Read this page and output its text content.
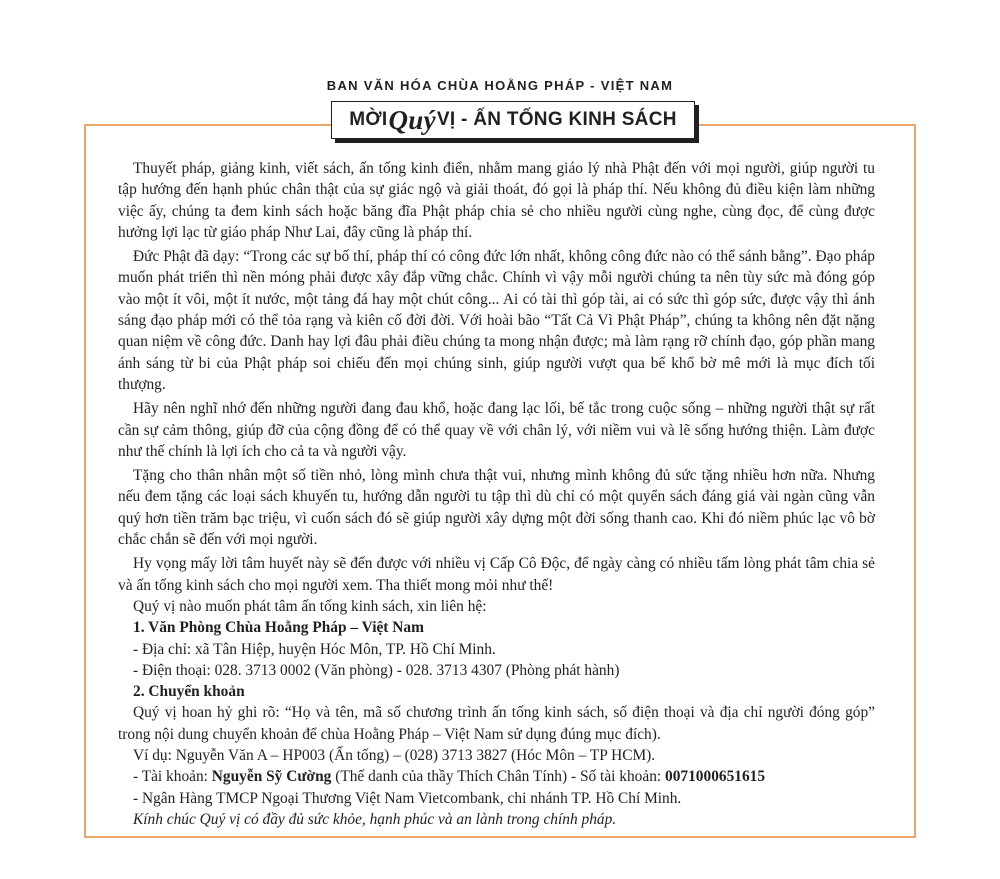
BAN VĂN HÓA CHÙA HOẰNG PHÁP - VIỆT NAM
MỜI Quý VỊ - ẤN TỐNG KINH SÁCH

Thuyết pháp, giảng kinh, viết sách, ấn tống kinh điển, nhằm mang giáo lý nhà Phật đến với mọi người, giúp người tu tập hướng đến hạnh phúc chân thật của sự giác ngộ và giải thoát, đó gọi là pháp thí. Nếu không đủ điều kiện làm những việc ấy, chúng ta đem kinh sách hoặc băng đĩa Phật pháp chia sẻ cho nhiều người cùng nghe, cùng đọc, để cùng được hưởng lợi lạc từ giáo pháp Như Lai, đây cũng là pháp thí.

Đức Phật đã dạy: “Trong các sự bố thí, pháp thí có công đức lớn nhất, không công đức nào có thể sánh bằng”. Đạo pháp muốn phát triển thì nền móng phải được xây đắp vững chắc. Chính vì vậy mỗi người chúng ta nên tùy sức mà đóng góp vào một ít vôi, một ít nước, một tảng đá hay một chút công... Ai có tài thì góp tài, ai có sức thì góp sức, được vậy thì ánh sáng đạo pháp mới có thể tỏa rạng và kiên cố đời đời. Với hoài bão “Tất Cả Vì Phật Pháp”, chúng ta không nên đặt nặng quan niệm về công đức. Danh hay lợi đâu phải điều chúng ta mong nhận được; mà làm rạng rỡ chính đạo, góp phần mang ánh sáng từ bi của Phật pháp soi chiếu đến mọi chúng sinh, giúp người vượt qua bể khổ bờ mê mới là mục đích tối thượng.

Hãy nên nghĩ nhớ đến những người đang đau khổ, hoặc đang lạc lối, bế tắc trong cuộc sống – những người thật sự rất cần sự cảm thông, giúp đỡ của cộng đồng để có thể quay về với chân lý, với niềm vui và lẽ sống hướng thiện. Làm được như thế chính là lợi ích cho cả ta và người vậy.

Tặng cho thân nhân một số tiền nhỏ, lòng mình chưa thật vui, nhưng mình không đủ sức tặng nhiều hơn nữa. Nhưng nếu đem tặng các loại sách khuyến tu, hướng dẫn người tu tập thì dù chỉ có một quyển sách đáng giá vài ngàn cũng vẫn quý hơn tiền trăm bạc triệu, vì cuốn sách đó sẽ giúp người xây dựng một đời sống thanh cao. Khi đó niềm phúc lạc vô bờ chắc chắn sẽ đến với mọi người.

Hy vọng mấy lời tâm huyết này sẽ đến được với nhiều vị Cấp Cô Độc, để ngày càng có nhiều tấm lòng phát tâm chia sẻ và ấn tống kinh sách cho mọi người xem. Tha thiết mong mỏi như thế!

Quý vị nào muốn phát tâm ấn tống kinh sách, xin liên hệ:

1. Văn Phòng Chùa Hoằng Pháp – Việt Nam

- Địa chỉ: xã Tân Hiệp, huyện Hóc Môn, TP. Hồ Chí Minh.

- Điện thoại: 028. 3713 0002 (Văn phòng) - 028. 3713 4307 (Phòng phát hành)

2. Chuyển khoản

Quý vị hoan hỷ ghi rõ: “Họ và tên, mã số chương trình ấn tống kinh sách, số điện thoại và địa chỉ người đóng góp” trong nội dung chuyển khoản để chùa Hoằng Pháp – Việt Nam sử dụng đúng mục đích).

Ví dụ: Nguyễn Văn A – HP003 (Ấn tống) – (028) 3713 3827 (Hóc Môn – TP HCM).

- Tài khoản: Nguyễn Sỹ Cường (Thế danh của thầy Thích Chân Tính) - Số tài khoản: 0071000651615

- Ngân Hàng TMCP Ngoại Thương Việt Nam Vietcombank, chi nhánh TP. Hồ Chí Minh.

Kính chúc Quý vị có đầy đủ sức khỏe, hạnh phúc và an lành trong chính pháp.
